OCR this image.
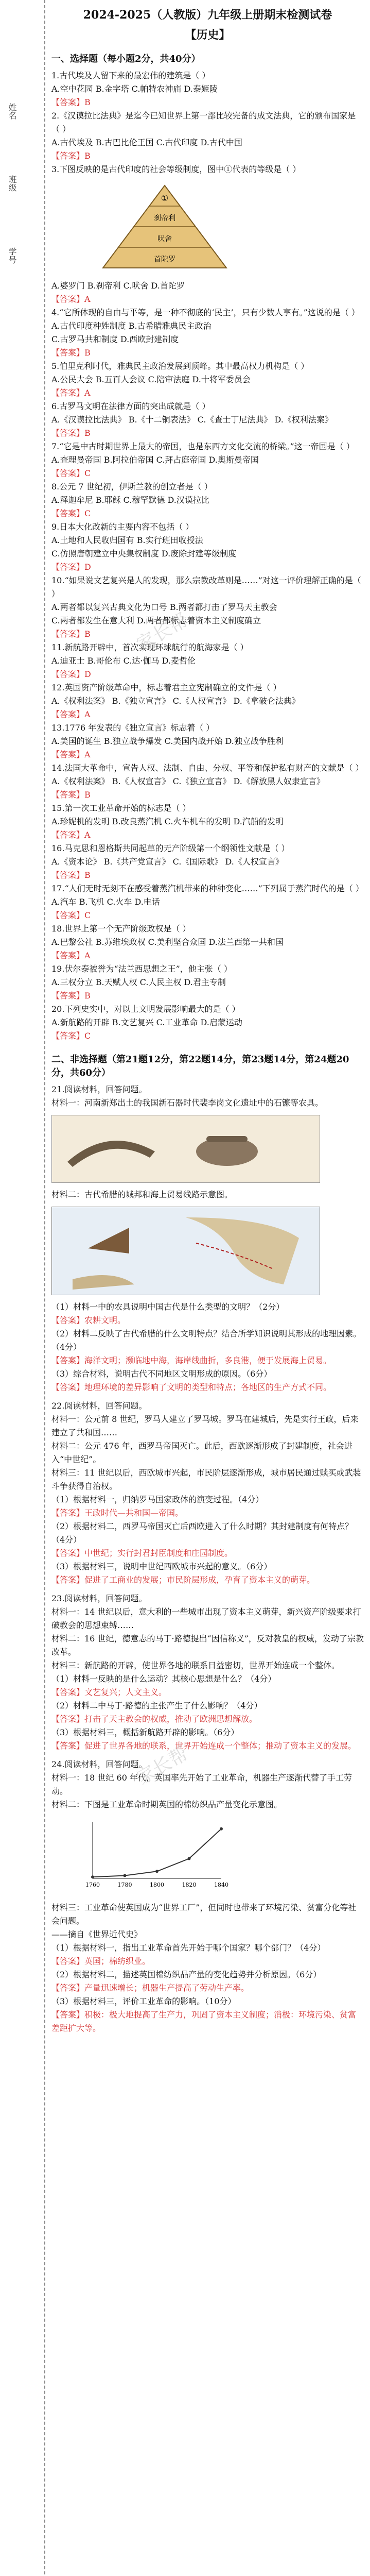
姓名
班级
学号
2024-2025（人教版）九年级上册期末检测试卷
【历史】
一、选择题（每小题2分，共40分）

1.古代埃及人留下来的最宏伟的建筑是（ ）

A.空中花园 B.金字塔 C.帕特农神庙 D.泰姬陵

【答案】B

2.《汉谟拉比法典》是迄今已知世界上第一部比较完备的成文法典，它的颁布国家是（ ）

A.古代埃及 B.古巴比伦王国 C.古代印度 D.古代中国

【答案】B

3.下图反映的是古代印度的社会等级制度，图中①代表的等级是（ ）

①
刹帝利
吠舍
首陀罗

A.婆罗门 B.刹帝利 C.吠舍 D.首陀罗

【答案】A

4.“它所体现的自由与平等，是一种不彻底的‘民主’，只有少数人享有。”这说的是（ ）

A.古代印度种姓制度 B.古希腊雅典民主政治

C.古罗马共和制度 D.西欧封建制度

【答案】B

5.伯里克利时代，雅典民主政治发展到顶峰。其中最高权力机构是（ ）

A.公民大会 B.五百人会议 C.陪审法庭 D.十将军委员会

【答案】A

6.古罗马文明在法律方面的突出成就是（ ）

A.《汉谟拉比法典》 B.《十二铜表法》 C.《查士丁尼法典》 D.《权利法案》

【答案】B

7.“它是中古时期世界上最大的帝国，也是东西方文化交流的桥梁。”这一帝国是（ ）

A.查理曼帝国 B.阿拉伯帝国 C.拜占庭帝国 D.奥斯曼帝国

【答案】C

8.公元 7 世纪初，伊斯兰教的创立者是（ ）

A.释迦牟尼 B.耶稣 C.穆罕默德 D.汉谟拉比

【答案】C

9.日本大化改新的主要内容不包括（ ）

A.土地和人民收归国有 B.实行班田收授法

C.仿照唐朝建立中央集权制度 D.废除封建等级制度

【答案】D

10.“如果说文艺复兴是人的发现，那么宗教改革则是……”对这一评价理解正确的是（ ）

A.两者都以复兴古典文化为口号 B.两者都打击了罗马天主教会

C.两者都发生在意大利 D.两者都标志着资本主义制度确立

【答案】B

11.新航路开辟中，首次实现环球航行的航海家是（ ）

A.迪亚士 B.哥伦布 C.达·伽马 D.麦哲伦

【答案】D

12.英国资产阶级革命中，标志着君主立宪制确立的文件是（ ）

A.《权利法案》 B.《独立宣言》 C.《人权宣言》 D.《拿破仑法典》

【答案】A

13.1776 年发表的《独立宣言》标志着（ ）

A.美国的诞生 B.独立战争爆发 C.美国内战开始 D.独立战争胜利

【答案】A

14.法国大革命中，宣告人权、法制、自由、分权、平等和保护私有财产的文献是（ ）

A.《权利法案》 B.《人权宣言》 C.《独立宣言》 D.《解放黑人奴隶宣言》

【答案】B

15.第一次工业革命开始的标志是（ ）

A.珍妮机的发明 B.改良蒸汽机 C.火车机车的发明 D.汽船的发明

【答案】A

16.马克思和恩格斯共同起草的无产阶级第一个纲领性文献是（ ）

A.《资本论》 B.《共产党宣言》 C.《国际歌》 D.《人权宣言》

【答案】B

17.“人们无时无刻不在感受着蒸汽机带来的种种变化……”下列属于蒸汽时代的是（ ）

A.汽车 B.飞机 C.火车 D.电话

【答案】C

18.世界上第一个无产阶级政权是（ ）

A.巴黎公社 B.苏维埃政权 C.美利坚合众国 D.法兰西第一共和国

【答案】A

19.伏尔泰被誉为“法兰西思想之王”，他主张（ ）

A.三权分立 B.天赋人权 C.人民主权 D.君主专制

【答案】B

20.下列史实中，对以上文明发展影响最大的是（ ）

A.新航路的开辟 B.文艺复兴 C.工业革命 D.启蒙运动

【答案】C

二、非选择题（第21题12分，第22题14分，第23题14分，第24题20分，共60分）

21.阅读材料，回答问题。

材料一：河南新郑出土的我国新石器时代裴李岗文化遗址中的石镰等农具。

材料二：古代希腊的城邦和海上贸易线路示意图。

（1）材料一中的农具说明中国古代是什么类型的文明？（2分）

【答案】农耕文明。

（2）材料二反映了古代希腊的什么文明特点？结合所学知识说明其形成的地理因素。（4分）

【答案】海洋文明；濒临地中海，海岸线曲折，多良港，便于发展海上贸易。

（3）综合材料，说明古代不同地区文明形成的原因。（6分）

【答案】地理环境的差异影响了文明的类型和特点；各地区的生产方式不同。

22.阅读材料，回答问题。

材料一：公元前 8 世纪，罗马人建立了罗马城。罗马在建城后，先是实行王政，后来建立了共和国……

材料二：公元 476 年，西罗马帝国灭亡。此后，西欧逐渐形成了封建制度，社会进入“中世纪”。

材料三：11 世纪以后，西欧城市兴起，市民阶层逐渐形成，城市居民通过赎买或武装斗争获得自治权。

（1）根据材料一，归纳罗马国家政体的演变过程。（4分）

【答案】王政时代—共和国—帝国。

（2）根据材料二，西罗马帝国灭亡后西欧进入了什么时期？其封建制度有何特点？（4分）

【答案】中世纪；实行封君封臣制度和庄园制度。

（3）根据材料三，说明中世纪西欧城市兴起的意义。（6分）

【答案】促进了工商业的发展；市民阶层形成，孕育了资本主义的萌芽。

23.阅读材料，回答问题。

材料一：14 世纪以后，意大利的一些城市出现了资本主义萌芽，新兴资产阶级要求打破教会的思想束缚……

材料二：16 世纪，德意志的马丁·路德提出“因信称义”，反对教皇的权威，发动了宗教改革。

材料三：新航路的开辟，使世界各地的联系日益密切，世界开始连成一个整体。

（1）材料一反映的是什么运动？其核心思想是什么？（4分）

【答案】文艺复兴；人文主义。

（2）材料二中马丁·路德的主张产生了什么影响？（4分）

【答案】打击了天主教会的权威，推动了欧洲思想解放。

（3）根据材料三，概括新航路开辟的影响。（6分）

【答案】促进了世界各地的联系，世界开始连成一个整体；推动了资本主义的发展。

24.阅读材料，回答问题。

材料一：18 世纪 60 年代，英国率先开始了工业革命，机器生产逐渐代替了手工劳动。

材料二：下图是工业革命时期英国的棉纺织品产量变化示意图。

1760	1780	1800	1820	1840

材料三：工业革命使英国成为“世界工厂”，但同时也带来了环境污染、贫富分化等社会问题。

——摘自《世界近代史》

（1）根据材料一，指出工业革命首先开始于哪个国家？哪个部门？（4分）

【答案】英国；棉纺织业。

（2）根据材料二，描述英国棉纺织品产量的变化趋势并分析原因。（6分）

【答案】产量迅速增长；机器生产提高了劳动生产率。

（3）根据材料三，评价工业革命的影响。（10分）

【答案】积极：极大地提高了生产力，巩固了资本主义制度；消极：环境污染、贫富差距扩大等。

家长帮
家长帮
